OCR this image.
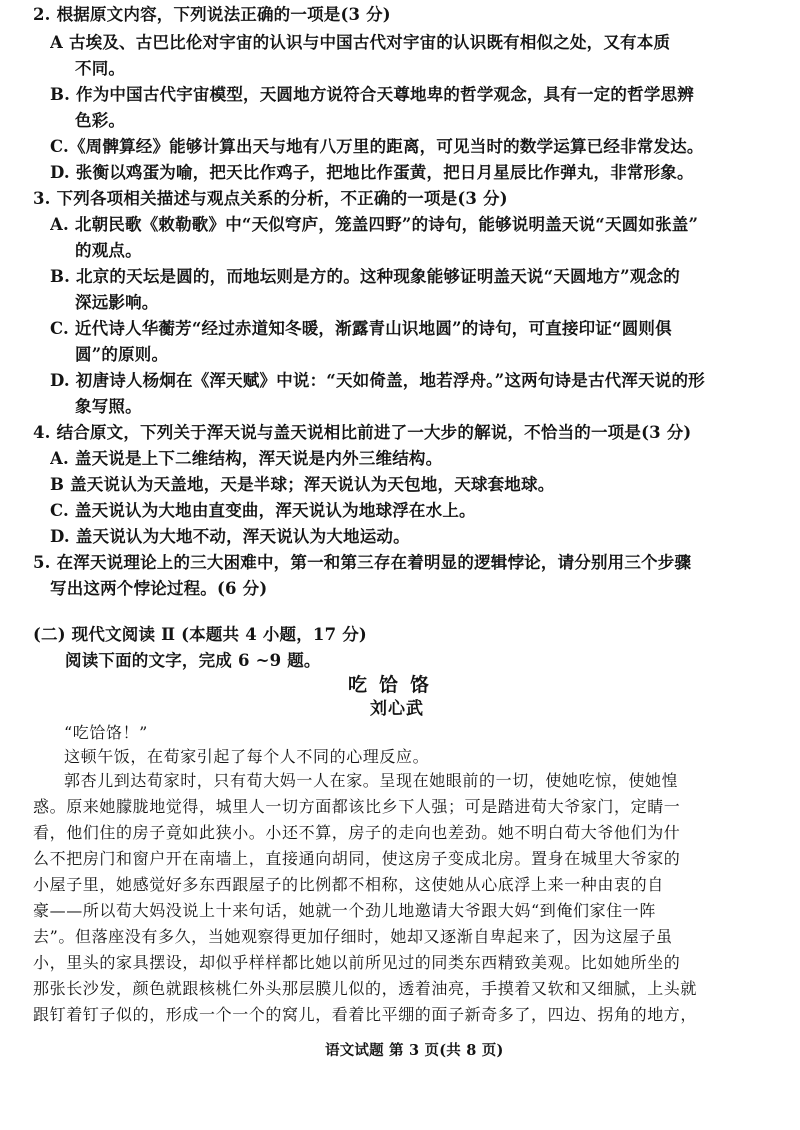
2. 根据原文内容，下列说法正确的一项是(3 分)
A 古埃及、古巴比伦对宇宙的认识与中国古代对宇宙的认识既有相似之处，又有本质
不同。
B. 作为中国古代宇宙模型，天圆地方说符合天尊地卑的哲学观念，具有一定的哲学思辨
色彩。
C.《周髀算经》能够计算出天与地有八万里的距离，可见当时的数学运算已经非常发达。
D. 张衡以鸡蛋为喻，把天比作鸡子，把地比作蛋黄，把日月星辰比作弹丸，非常形象。
3. 下列各项相关描述与观点关系的分析，不正确的一项是(3 分)
A. 北朝民歌《敕勒歌》中“天似穹庐，笼盖四野”的诗句，能够说明盖天说“天圆如张盖”
的观点。
B. 北京的天坛是圆的，而地坛则是方的。这种现象能够证明盖天说“天圆地方”观念的
深远影响。
C. 近代诗人华蘅芳“经过赤道知冬暖，渐露青山识地圆”的诗句，可直接印证“圆则俱
圆”的原则。
D. 初唐诗人杨炯在《浑天赋》中说：“天如倚盖，地若浮舟。”这两句诗是古代浑天说的形
象写照。
4. 结合原文，下列关于浑天说与盖天说相比前进了一大步的解说，不恰当的一项是(3 分)
A. 盖天说是上下二维结构，浑天说是内外三维结构。
B 盖天说认为天盖地，天是半球；浑天说认为天包地，天球套地球。
C. 盖天说认为大地由直变曲，浑天说认为地球浮在水上。
D. 盖天说认为大地不动，浑天说认为大地运动。
5. 在浑天说理论上的三大困难中，第一和第三存在着明显的逻辑悖论，请分别用三个步骤
写出这两个悖论过程。(6 分)
(二) 现代文阅读 Ⅱ (本题共 4 小题，17 分)
阅读下面的文字，完成 6 ~9 题。
吃饸饹
刘心武
“吃饸饹！”
这顿午饭，在荀家引起了每个人不同的心理反应。
郭杏儿到达荀家时，只有荀大妈一人在家。呈现在她眼前的一切，使她吃惊，使她惶
惑。原来她朦胧地觉得，城里人一切方面都该比乡下人强；可是踏进荀大爷家门，定睛一
看，他们住的房子竟如此狭小。小还不算，房子的走向也差劲。她不明白荀大爷他们为什
么不把房门和窗户开在南墙上，直接通向胡同，使这房子变成北房。置身在城里大爷家的
小屋子里，她感觉好多东西跟屋子的比例都不相称，这使她从心底浮上来一种由衷的自
豪——所以荀大妈没说上十来句话，她就一个劲儿地邀请大爷跟大妈“到俺们家住一阵
去”。但落座没有多久，当她观察得更加仔细时，她却又逐渐自卑起来了，因为这屋子虽
小，里头的家具摆设，却似乎样样都比她以前所见过的同类东西精致美观。比如她所坐的
那张长沙发，颜色就跟核桃仁外头那层膜儿似的，透着油亮，手摸着又软和又细腻，上头就
跟钉着钉子似的，形成一个一个的窝儿，看着比平绷的面子新奇多了，四边、拐角的地方，
语文试题 第 3 页(共 8 页)
